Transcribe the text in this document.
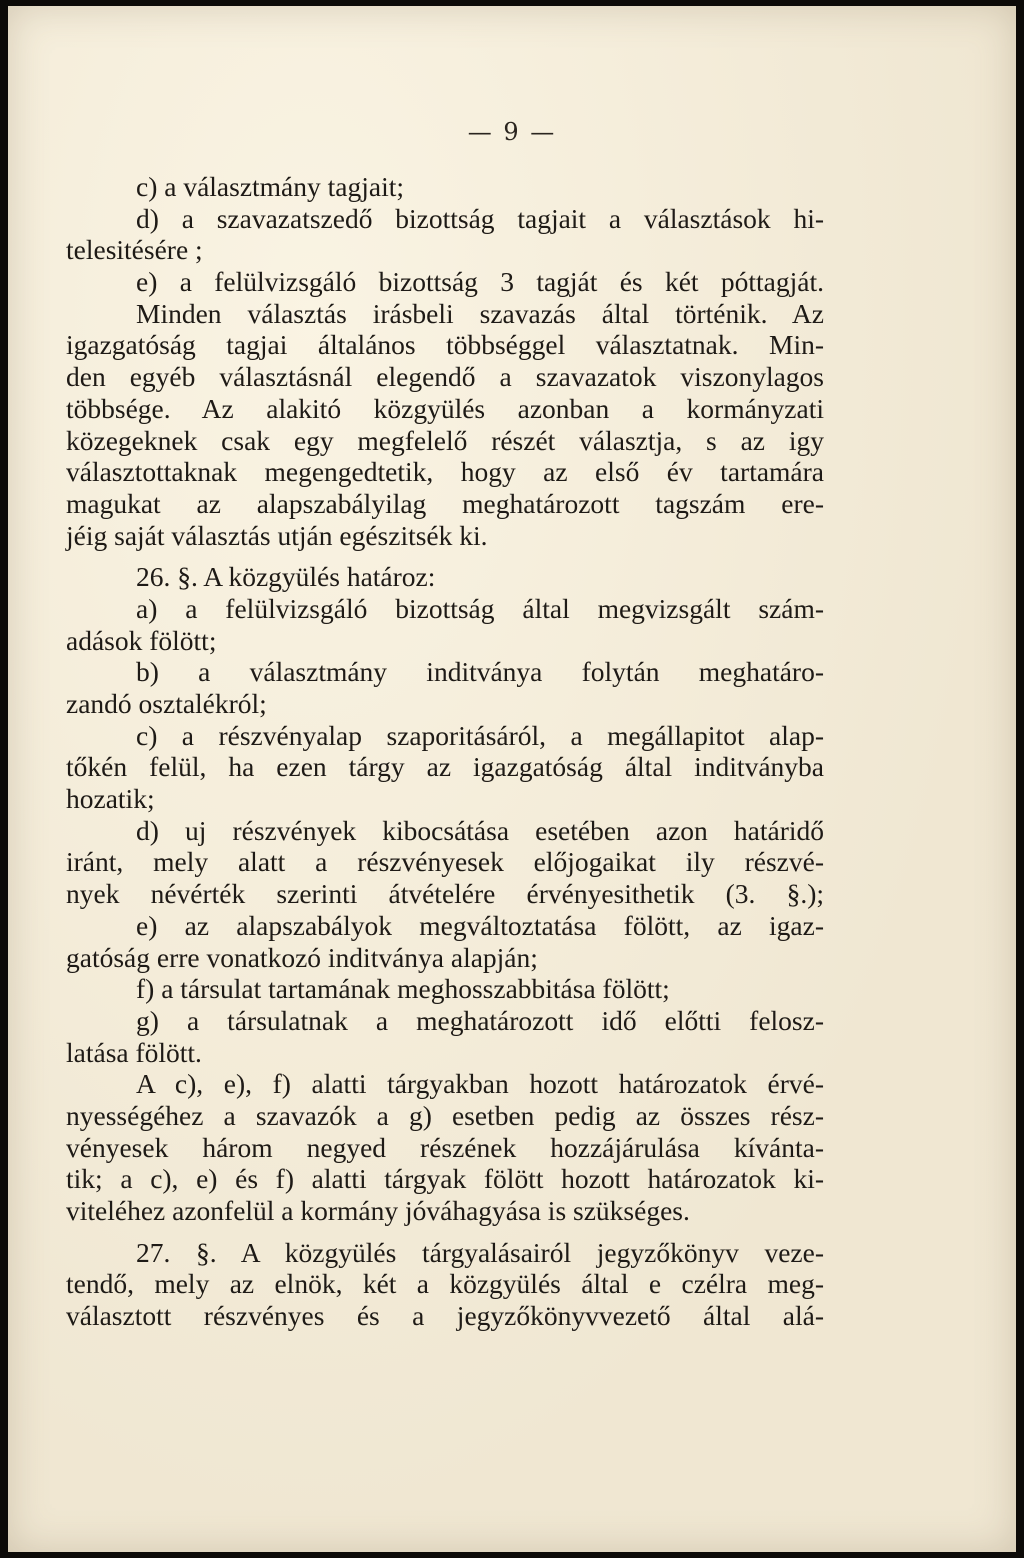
— 9 —
c) a választmány tagjait;
d) a szavazatszedő bizottság tagjait a választások hi-
telesitésére ;
e) a felülvizsgáló bizottság 3 tagját és két póttagját.
Minden választás irásbeli szavazás által történik. Az
igazgatóság tagjai általános többséggel választatnak. Min-
den egyéb választásnál elegendő a szavazatok viszonylagos
többsége. Az alakitó közgyülés azonban a kormányzati
közegeknek csak egy megfelelő részét választja, s az igy
választottaknak megengedtetik, hogy az első év tartamára
magukat az alapszabályilag meghatározott tagszám ere-
jéig saját választás utján egészitsék ki.
26. §. A közgyülés határoz:
a) a felülvizsgáló bizottság által megvizsgált szám-
adások fölött;
b) a választmány inditványa folytán meghatáro-
zandó osztalékról;
c) a részvényalap szaporitásáról, a megállapitot alap-
tőkén felül, ha ezen tárgy az igazgatóság által inditványba
hozatik;
d) uj részvények kibocsátása esetében azon határidő
iránt, mely alatt a részvényesek előjogaikat ily részvé-
nyek névérték szerinti átvételére érvényesithetik (3. §.);
e) az alapszabályok megváltoztatása fölött, az igaz-
gatóság erre vonatkozó inditványa alapján;
f) a társulat tartamának meghosszabbitása fölött;
g) a társulatnak a meghatározott idő előtti felosz-
latása fölött.
A c), e), f) alatti tárgyakban hozott határozatok érvé-
nyességéhez a szavazók a g) esetben pedig az összes rész-
vényesek három negyed részének hozzájárulása kívánta-
tik; a c), e) és f) alatti tárgyak fölött hozott határozatok ki-
viteléhez azonfelül a kormány jóváhagyása is szükséges.
27. §. A közgyülés tárgyalásairól jegyzőkönyv veze-
tendő, mely az elnök, két a közgyülés által e czélra meg-
választott részvényes és a jegyzőkönyvvezető által alá-
